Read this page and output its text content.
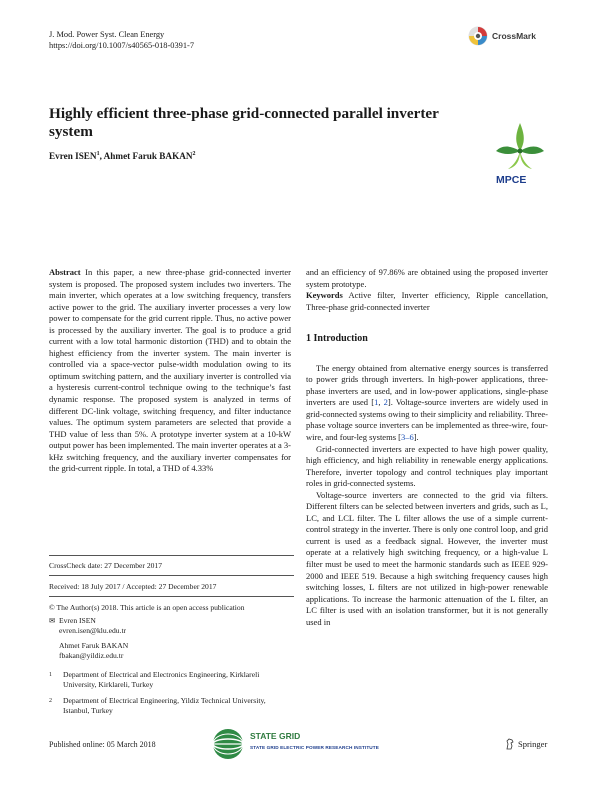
J. Mod. Power Syst. Clean Energy
https://doi.org/10.1007/s40565-018-0391-7
CrossMark
Highly efficient three-phase grid-connected parallel inverter system
Evren ISEN$^1$, Ahmet Faruk BAKAN$^2$
MPCE

Abstract In this paper, a new three-phase grid-connected inverter system is proposed. The proposed system includes two inverters. The main inverter, which operates at a low switching frequency, transfers active power to the grid. The auxiliary inverter processes a very low power to compensate for the grid current ripple. Thus, no active power is processed by the auxiliary inverter. The goal is to produce a grid current with a low total harmonic distortion (THD) and to obtain the highest efficiency from the inverter system. The main inverter is controlled via a space-vector pulse-width modulation owing to its optimum switching pattern, and the auxiliary inverter is controlled via a hysteresis current-control technique owing to the technique’s fast dynamic response. The proposed system is analyzed in terms of different DC-link voltage, switching frequency, and filter inductance values. The optimum system parameters are selected that provide a THD value of less than 5%. A prototype inverter system at a 10-kW output power has been implemented. The main inverter operates at a 3-kHz switching frequency, and the auxiliary inverter compensates for the grid-current ripple. In total, a THD of 4.33%

CrossCheck date: 27 December 2017
Received: 18 July 2017 / Accepted: 27 December 2017
© The Author(s) 2018. This article is an open access publication
✉ Evren ISEN
evren.isen@klu.edu.tr
Ahmet Faruk BAKAN
fbakan@yildiz.edu.tr
1	Department of Electrical and Electronics Engineering, Kirklareli University, Kirklareli, Turkey
2	Department of Electrical Engineering, Yildiz Technical University, Istanbul, Turkey

and an efficiency of 97.86% are obtained using the proposed inverter system prototype.

Keywords Active filter, Inverter efficiency, Ripple cancellation, Three-phase grid-connected inverter

1 Introduction

The energy obtained from alternative energy sources is transferred to power grids through inverters. In high-power applications, three-phase inverters are used, and in low-power applications, single-phase inverters are used [1, 2]. Voltage-source inverters are widely used in grid-connected systems owing to their simplicity and reliability. Three-phase voltage source inverters can be implemented as three-wire, four-wire, and four-leg systems [3–6].

Grid-connected inverters are expected to have high power quality, high efficiency, and high reliability in renewable energy applications. Therefore, inverter topology and control techniques play important roles in grid-connected systems.

Voltage-source inverters are connected to the grid via filters. Different filters can be selected between inverters and grids, such as L, LC, and LCL filter. The L filter allows the use of a simple current-control strategy in the inverter. There is only one control loop, and grid current is used as a feedback signal. However, the inverter must operate at a relatively high switching frequency, or a high-value L filter must be used to meet the harmonic standards such as IEEE 929-2000 and IEEE 519. Because a high switching frequency causes high switching losses, L filters are not utilized in high-power renewable applications. To increase the harmonic attenuation of the L filter, an LC filter is used with an isolation transformer, but it is not generally used in

Published online: 05 March 2018
STATE GRID
STATE GRID ELECTRIC POWER RESEARCH INSTITUTE	Springer
